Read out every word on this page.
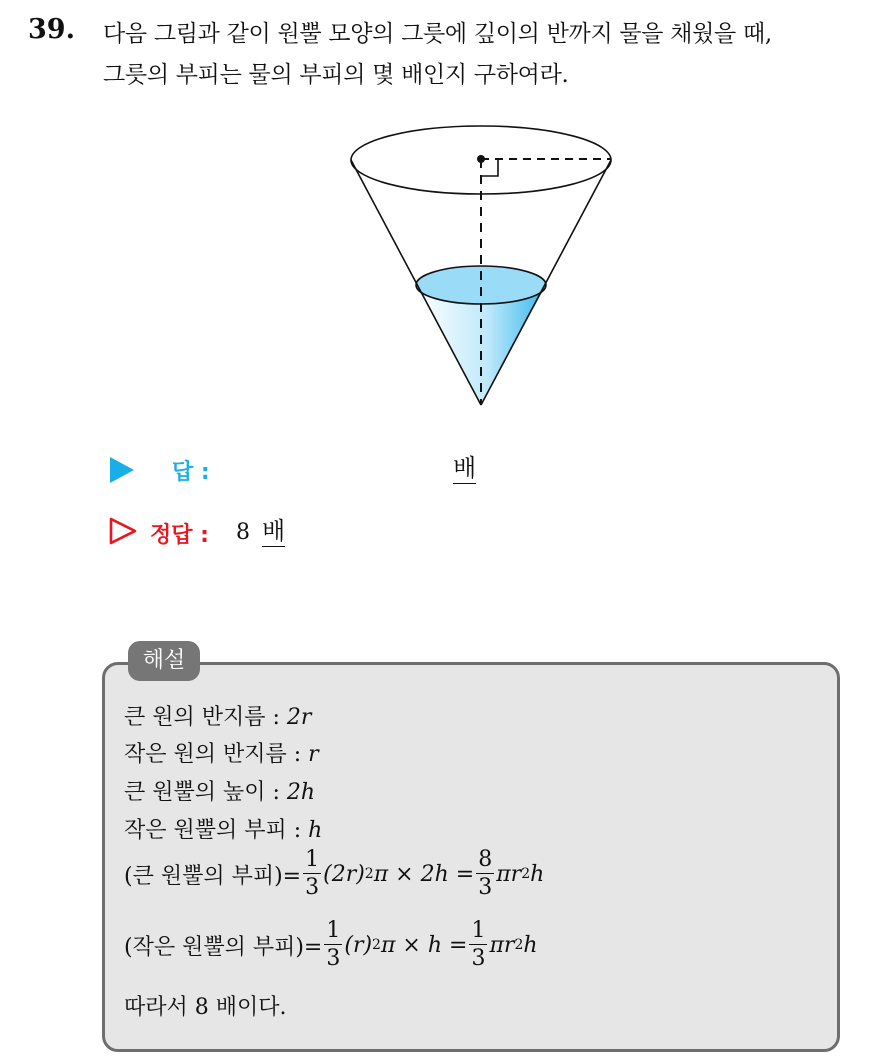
39. 다음 그림과 같이 원뿔 모양의 그릇에 깊이의 반까지 물을 채웠을 때,
그릇의 부피는 물의 부피의 몇 배인지 구하여라.
답 :	배
정답 : 8 배
해설
큰 원의 반지름 : 2r
작은 원의 반지름 : r
큰 원뿔의 높이 : 2h
작은 원뿔의 부피 : h
(큰 원뿔의 부피)= $\frac{1}{3} (2r)$ 2 $\pi \times 2h = \frac{8}{3}$ πr 2 h
(작은 원뿔의 부피)= $\frac{1}{3} (r)$ 2 $\pi \times h = \frac{1}{3}$ πr 2 h
따라서 8 배이다.
